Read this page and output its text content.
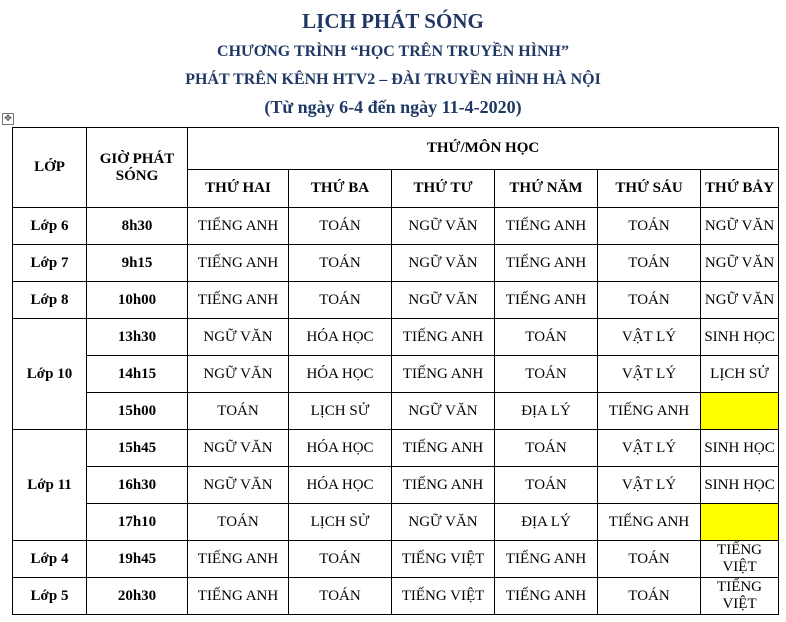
LỊCH PHÁT SÓNG
CHƯƠNG TRÌNH “HỌC TRÊN TRUYỀN HÌNH”
PHÁT TRÊN KÊNH HTV2 – ĐÀI TRUYỀN HÌNH HÀ NỘI
(Từ ngày 6-4 đến ngày 11-4-2020)
✥
LỚP	GIỜ PHÁT SÓNG	THỨ/MÔN HỌC					
		THỨ HAI	THỨ BA	THỨ TƯ	THỨ NĂM	THỨ SÁU	THỨ BẢY
Lớp 6	8h30	TIẾNG ANH	TOÁN	NGỮ VĂN	TIẾNG ANH	TOÁN	NGỮ VĂN
Lớp 7	9h15	TIẾNG ANH	TOÁN	NGỮ VĂN	TIẾNG ANH	TOÁN	NGỮ VĂN
Lớp 8	10h00	TIẾNG ANH	TOÁN	NGỮ VĂN	TIẾNG ANH	TOÁN	NGỮ VĂN
Lớp 10	13h30	NGỮ VĂN	HÓA HỌC	TIẾNG ANH	TOÁN	VẬT LÝ	SINH HỌC
	14h15	NGỮ VĂN	HÓA HỌC	TIẾNG ANH	TOÁN	VẬT LÝ	LỊCH SỬ
	15h00	TOÁN	LỊCH SỬ	NGỮ VĂN	ĐỊA LÝ	TIẾNG ANH	
Lớp 11	15h45	NGỮ VĂN	HÓA HỌC	TIẾNG ANH	TOÁN	VẬT LÝ	SINH HỌC
	16h30	NGỮ VĂN	HÓA HỌC	TIẾNG ANH	TOÁN	VẬT LÝ	SINH HỌC
	17h10	TOÁN	LỊCH SỬ	NGỮ VĂN	ĐỊA LÝ	TIẾNG ANH	
Lớp 4	19h45	TIẾNG ANH	TOÁN	TIẾNG VIỆT	TIẾNG ANH	TOÁN	TIẾNG VIỆT
Lớp 5	20h30	TIẾNG ANH	TOÁN	TIẾNG VIỆT	TIẾNG ANH	TOÁN	TIẾNG VIỆT
